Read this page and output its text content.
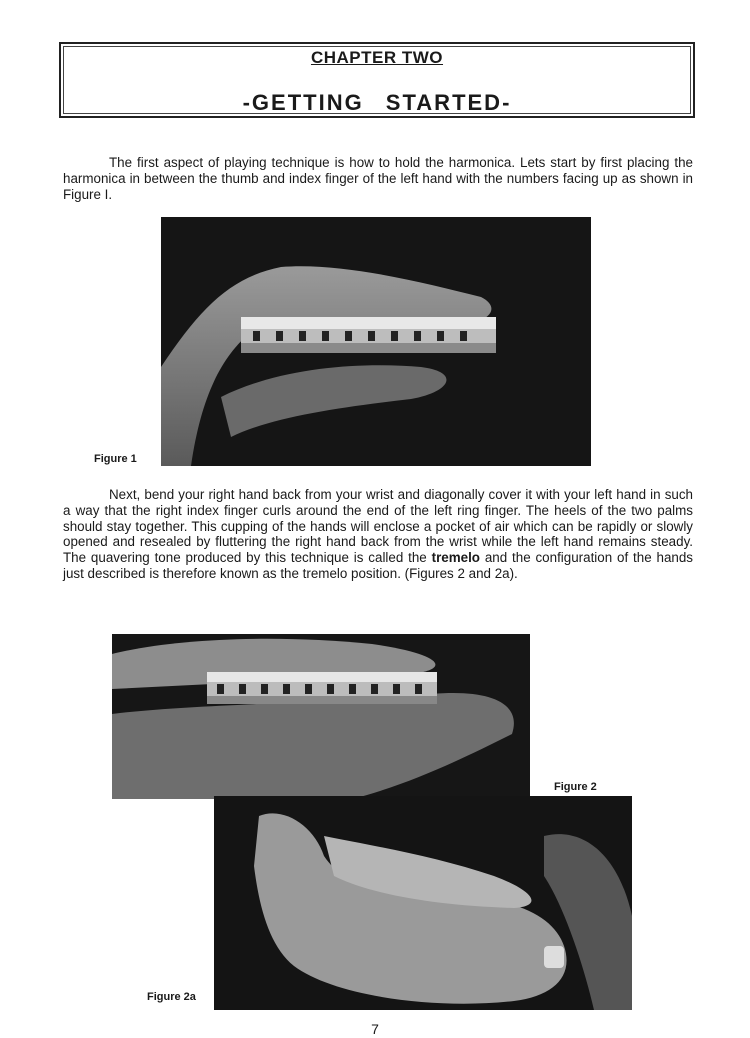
CHAPTER TWO
-GETTING STARTED-

The first aspect of playing technique is how to hold the harmonica. Lets start by first placing the harmonica in between the thumb and index finger of the left hand with the numbers facing up as shown in Figure I.

Figure 1

Next, bend your right hand back from your wrist and diagonally cover it with your left hand in such a way that the right index finger curls around the end of the left ring finger. The heels of the two palms should stay together. This cupping of the hands will enclose a pocket of air which can be rapidly or slowly opened and resealed by fluttering the right hand back from the wrist while the left hand remains steady. The quavering tone produced by this technique is called the tremelo and the configuration of the hands just described is therefore known as the tremelo position. (Figures 2 and 2a).

Figure 2
Figure 2a
7
